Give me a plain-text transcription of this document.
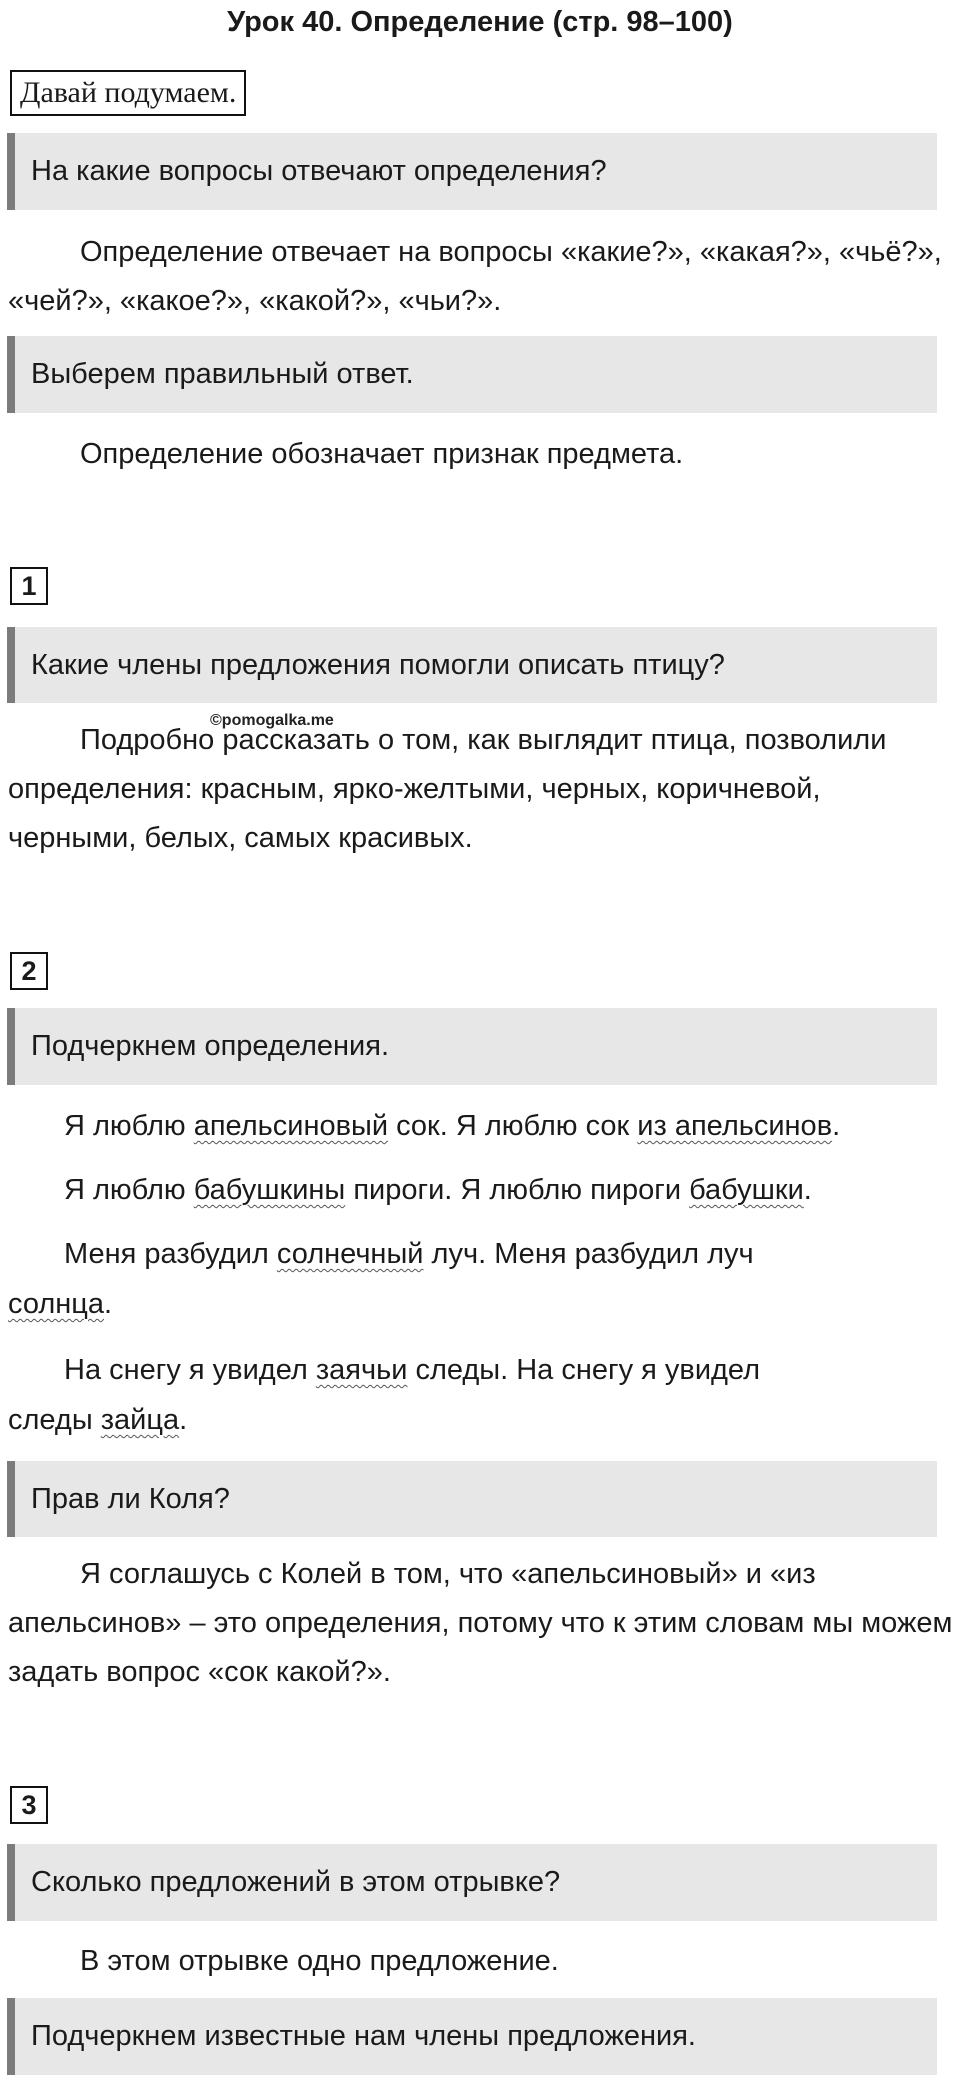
Урок 40. Определение (стр. 98–100)
Давай подумаем.
На какие вопросы отвечают определения?
Определение отвечает на вопросы «какие?», «какая?», «чьё?», «чей?», «какое?», «какой?», «чьи?».
Выберем правильный ответ.
Определение обозначает признак предмета.
1
Какие члены предложения помогли описать птицу?
©pomogalka.me
Подробно рассказать о том, как выглядит птица, позволили определения: красным, ярко-желтыми, черных, коричневой, черными, белых, самых красивых.
2
Подчеркнем определения.
Я люблю апельсиновый сок. Я люблю сок из апельсинов.
Я люблю бабушкины пироги. Я люблю пироги бабушки.
Меня разбудил солнечный луч. Меня разбудил луч
солнца.
На снегу я увидел заячьи следы. На снегу я увидел
следы зайца.
Прав ли Коля?
Я соглашусь с Колей в том, что «апельсиновый» и «из апельсинов» – это определения, потому что к этим словам мы можем задать вопрос «сок какой?».
3
Сколько предложений в этом отрывке?
В этом отрывке одно предложение.
Подчеркнем известные нам члены предложения.
